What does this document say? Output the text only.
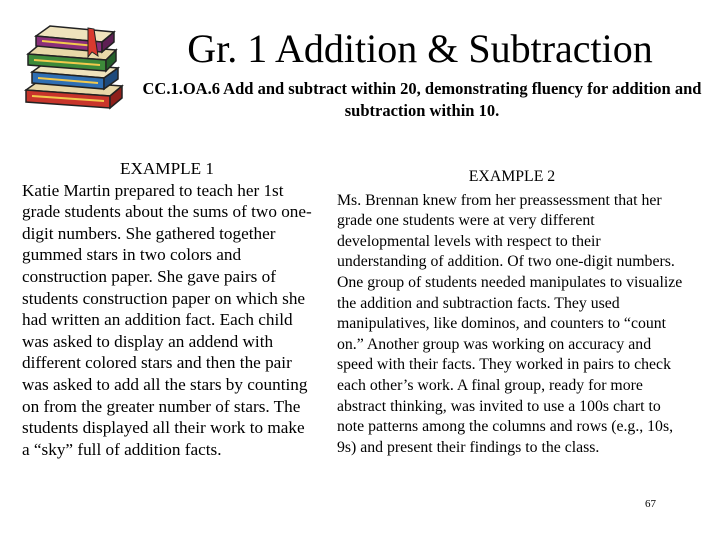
Gr. 1 Addition & Subtraction
CC.1.OA.6 Add and subtract within 20, demonstrating fluency for addition and subtraction within 10.
EXAMPLE 1

Katie Martin prepared to teach her 1st grade students about the sums of two one-digit numbers. She gathered together gummed stars in two colors and construction paper. She gave pairs of students construction paper on which she had written an addition fact. Each child was asked to display an addend with different colored stars and then the pair was asked to add all the stars by counting on from the greater number of stars. The students displayed all their work to make a “sky” full of addition facts.

EXAMPLE 2

Ms. Brennan knew from her preassessment that her grade one students were at very different developmental levels with respect to their understanding of addition. Of two one-digit numbers. One group of students needed manipulates to visualize the addition and subtraction facts. They used manipulatives, like dominos, and counters to “count on.” Another group was working on accuracy and speed with their facts. They worked in pairs to check each other’s work. A final group, ready for more abstract thinking, was invited to use a 100s chart to note patterns among the columns and rows (e.g., 10s, 9s) and present their findings to the class.

67
